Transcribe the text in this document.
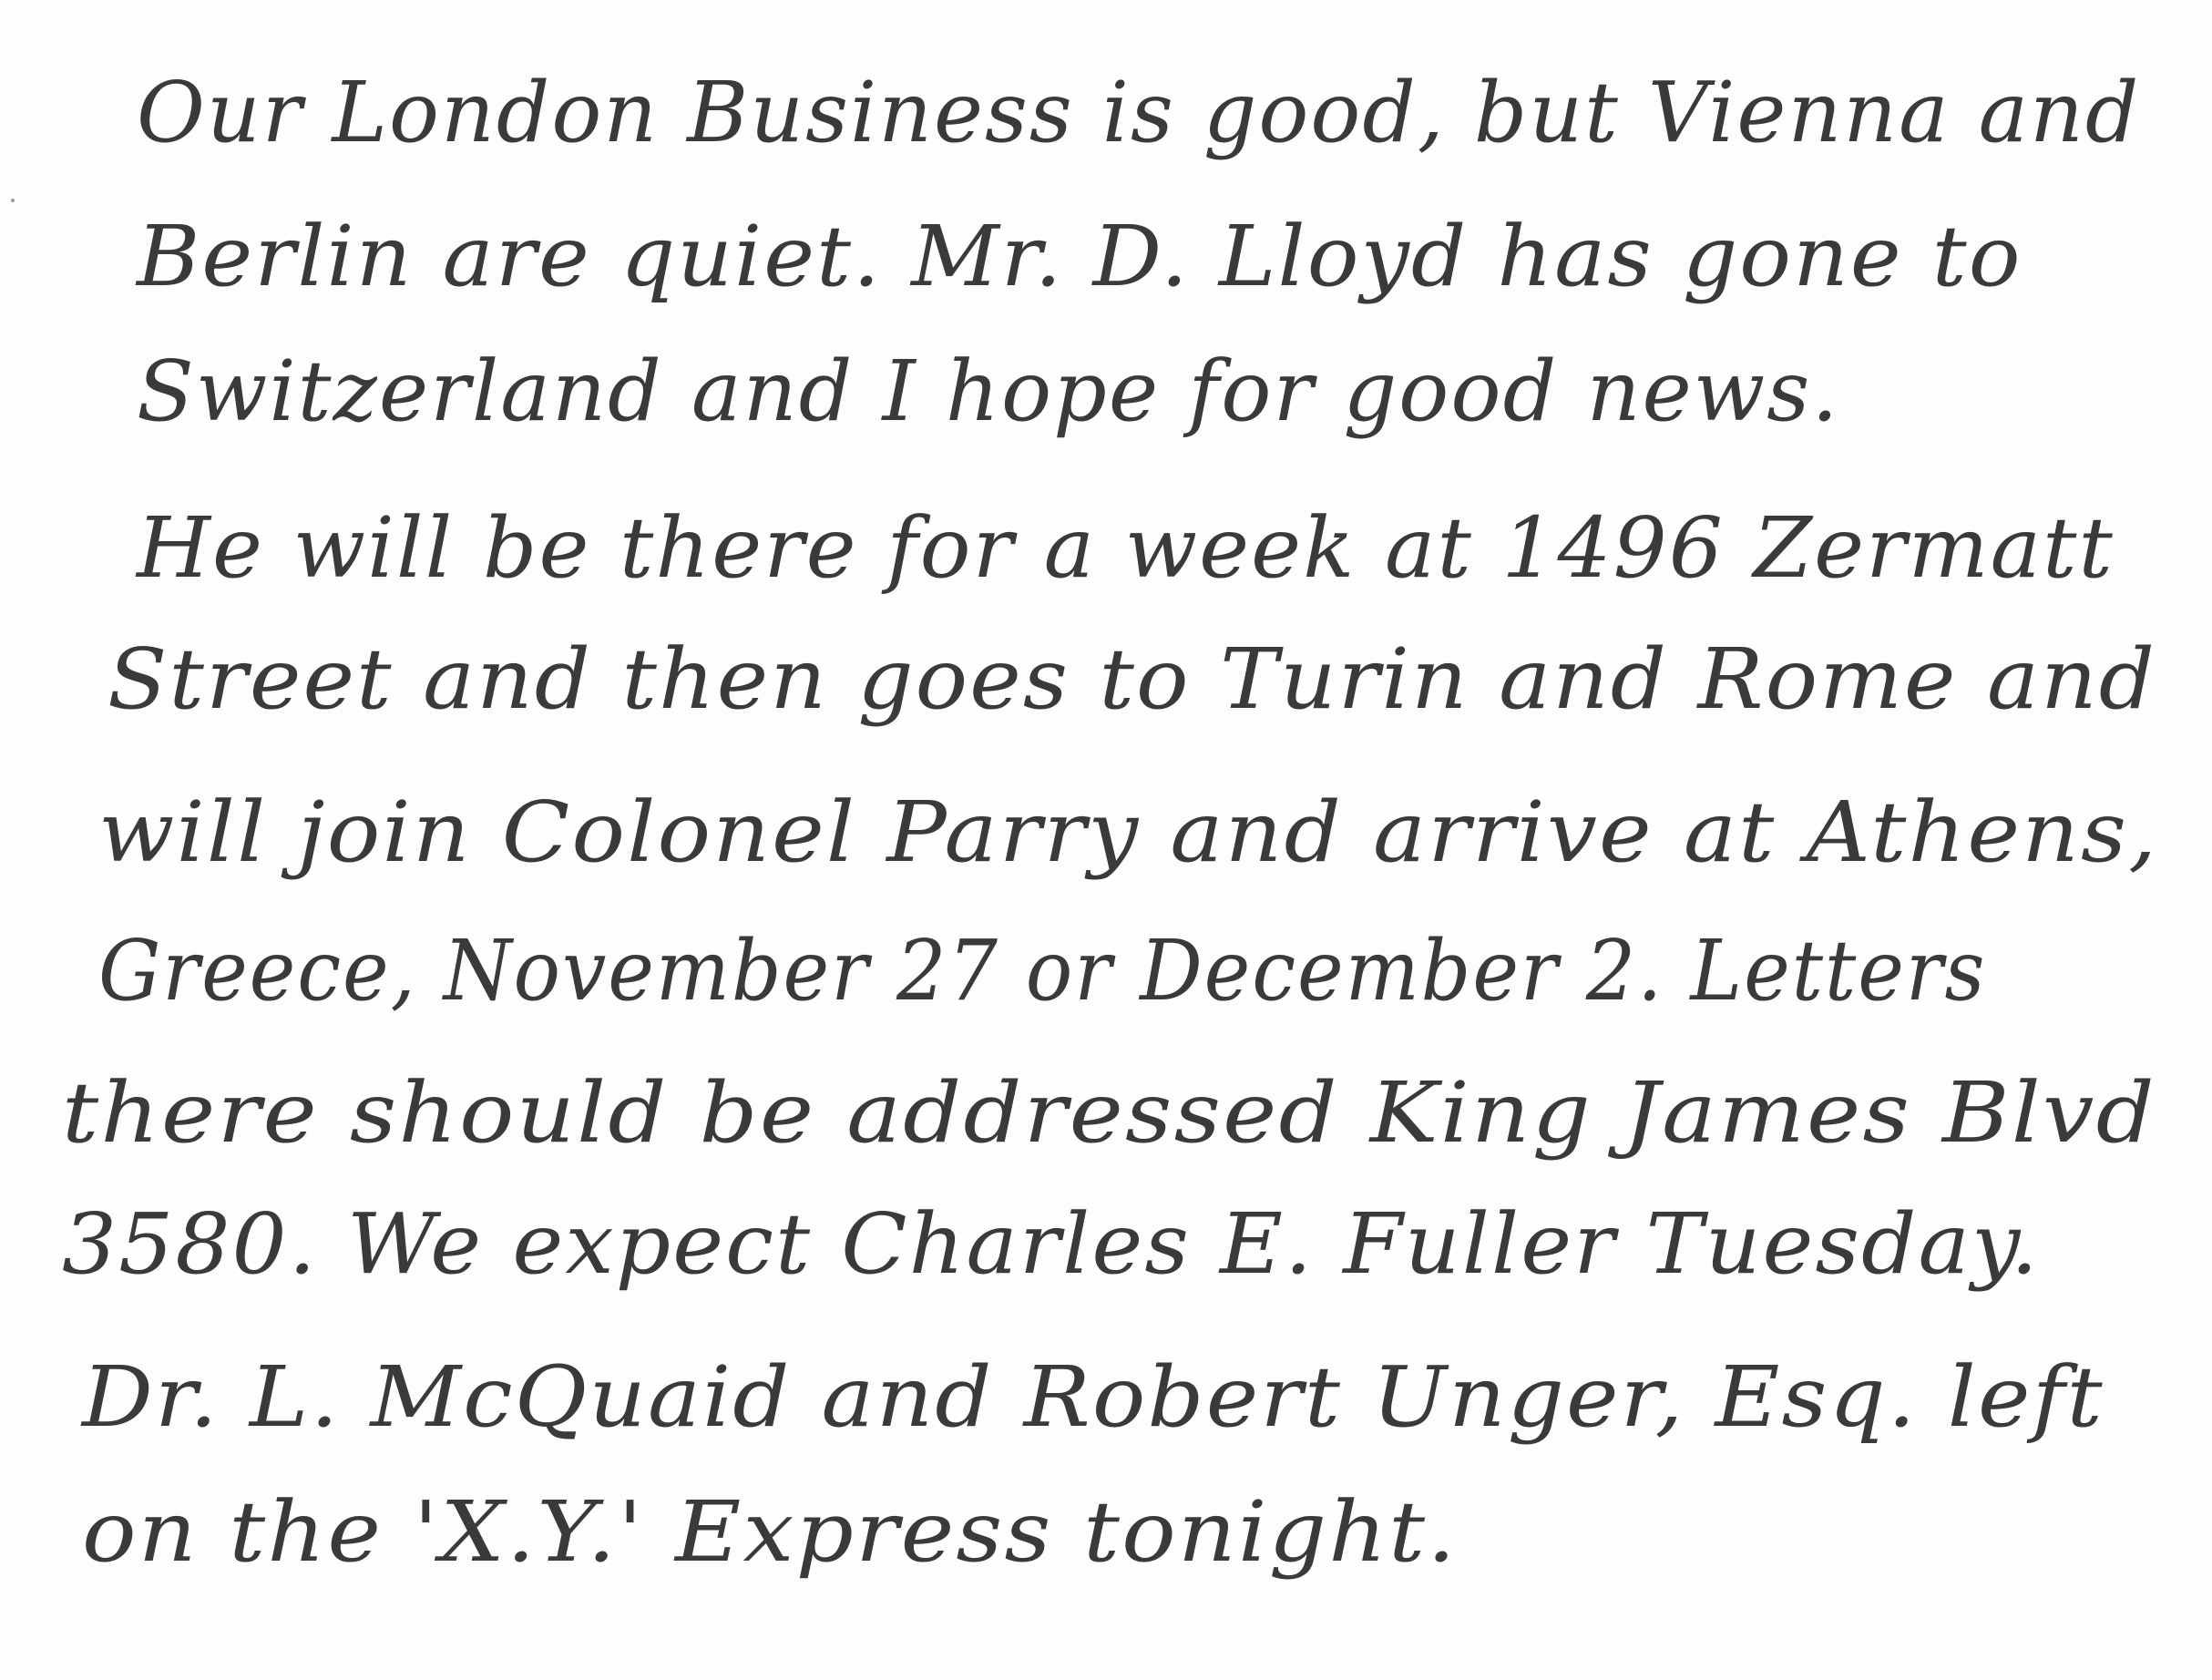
Our London Business is good, but Vienna and
Berlin are quiet. Mr. D. Lloyd has gone to
Switzerland and I hope for good news.
He will be there for a week at 1496 Zermatt
Street and then goes to Turin and Rome and
will join Colonel Parry and arrive at Athens,
Greece, November 27 or December 2. Letters
there should be addressed King James Blvd
3580. We expect Charles E. Fuller Tuesday.
Dr. L. McQuaid and Robert Unger, Esq. left
on the 'X.Y.' Express tonight.
